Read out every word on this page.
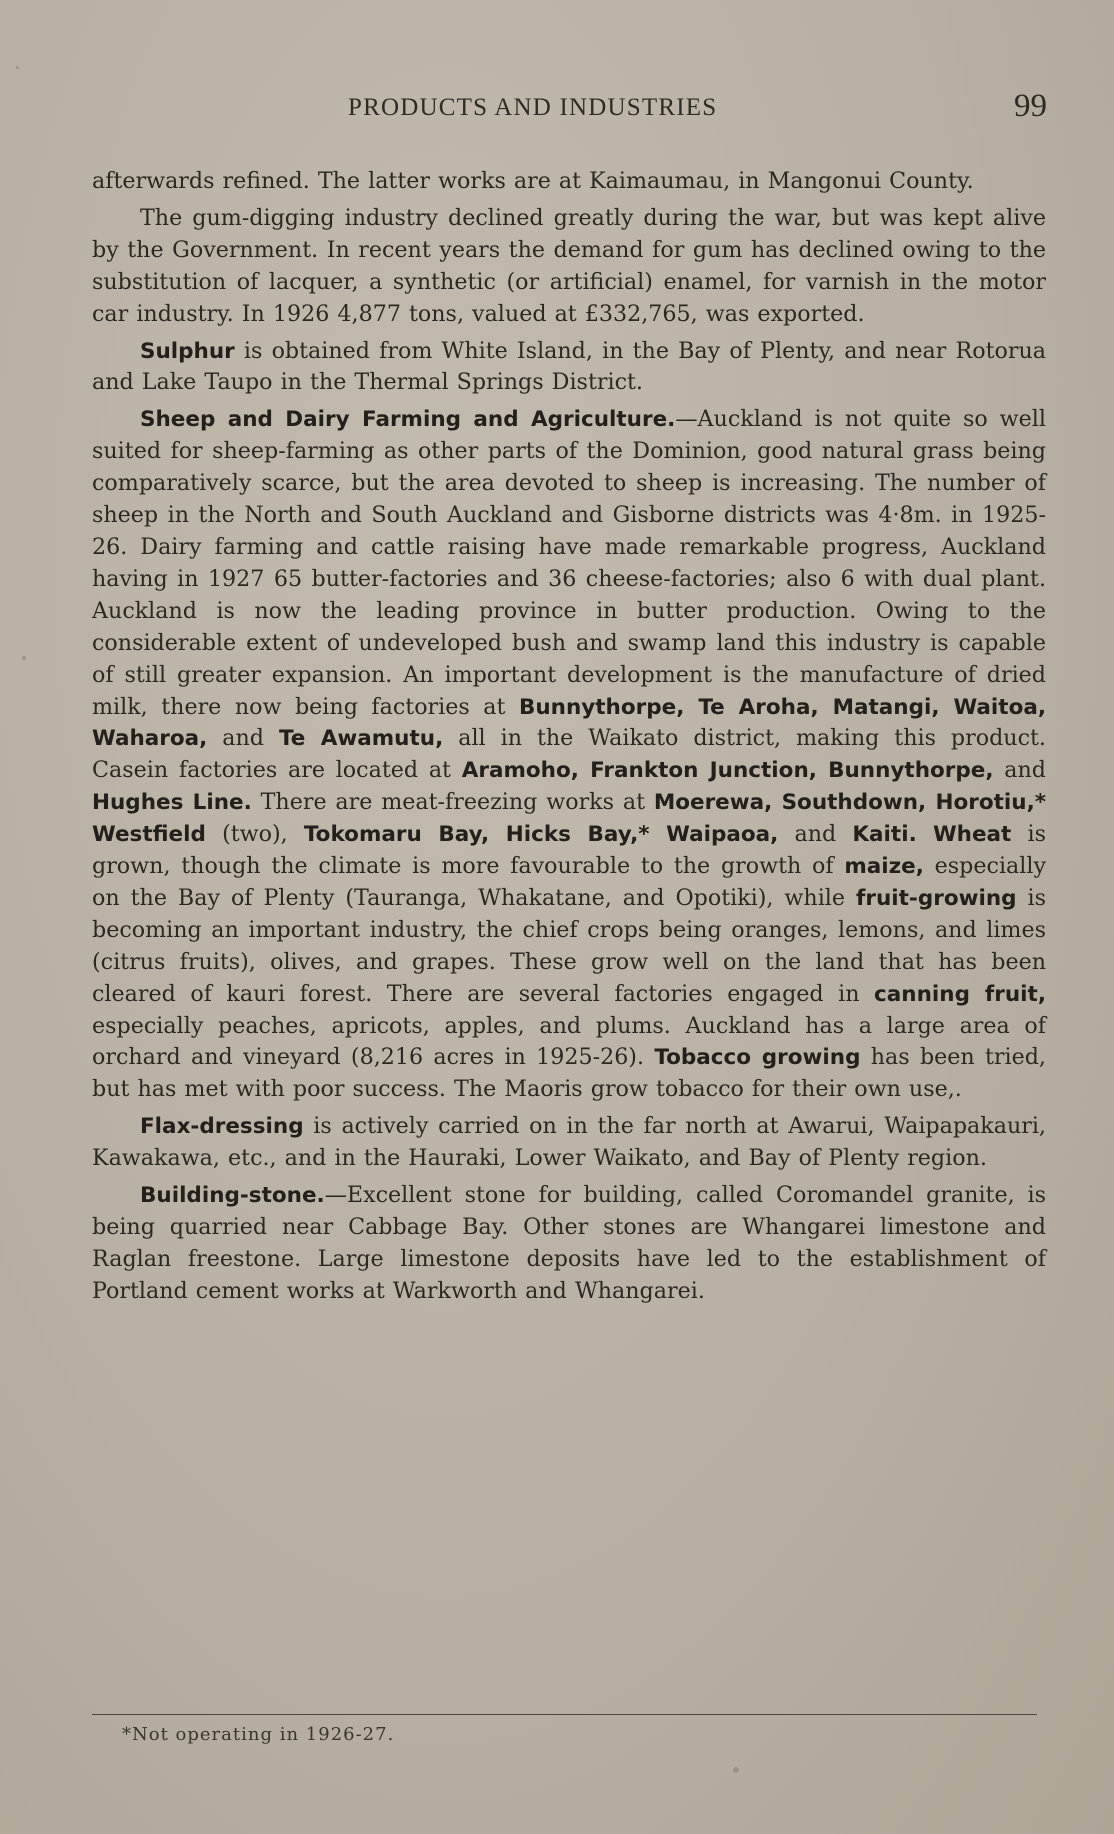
PRODUCTS AND INDUSTRIES	99

afterwards refined. The latter works are at Kaimaumau, in Mangonui County.

The gum-digging industry declined greatly during the war, but was kept alive by the Government. In recent years the demand for gum has declined owing to the substitution of lacquer, a synthetic (or artificial) enamel, for varnish in the motor car industry. In 1926 4,877 tons, valued at £332,765, was exported.

Sulphur is obtained from White Island, in the Bay of Plenty, and near Rotorua and Lake Taupo in the Thermal Springs District.

Sheep and Dairy Farming and Agriculture.—Auckland is not quite so well suited for sheep-farming as other parts of the Dominion, good natural grass being comparatively scarce, but the area devoted to sheep is increasing. The number of sheep in the North and South Auckland and Gisborne districts was 4·8m. in 1925-26. Dairy farming and cattle raising have made remarkable progress, Auckland having in 1927 65 butter-factories and 36 cheese-factories; also 6 with dual plant. Auckland is now the leading province in butter production. Owing to the considerable extent of undeveloped bush and swamp land this industry is capable of still greater expansion. An important development is the manufacture of dried milk, there now being factories at Bunnythorpe, Te Aroha, Matangi, Waitoa, Waharoa, and Te Awamutu, all in the Waikato district, making this product. Casein factories are located at Aramoho, Frankton Junction, Bunnythorpe, and Hughes Line. There are meat-freezing works at Moerewa, Southdown, Horotiu,* Westfield (two), Tokomaru Bay, Hicks Bay,* Waipaoa, and Kaiti. Wheat is grown, though the climate is more favourable to the growth of maize, especially on the Bay of Plenty (Tauranga, Whakatane, and Opotiki), while fruit-growing is becoming an important industry, the chief crops being oranges, lemons, and limes (citrus fruits), olives, and grapes. These grow well on the land that has been cleared of kauri forest. There are several factories engaged in canning fruit, especially peaches, apricots, apples, and plums. Auckland has a large area of orchard and vineyard (8,216 acres in 1925-26). Tobacco growing has been tried, but has met with poor success. The Maoris grow tobacco for their own use,.

Flax-dressing is actively carried on in the far north at Awarui, Waipapakauri, Kawakawa, etc., and in the Hauraki, Lower Waikato, and Bay of Plenty region.

Building-stone.—Excellent stone for building, called Coromandel granite, is being quarried near Cabbage Bay. Other stones are Whangarei limestone and Raglan freestone. Large limestone deposits have led to the establishment of Portland cement works at Warkworth and Whangarei.

*Not operating in 1926-27.
